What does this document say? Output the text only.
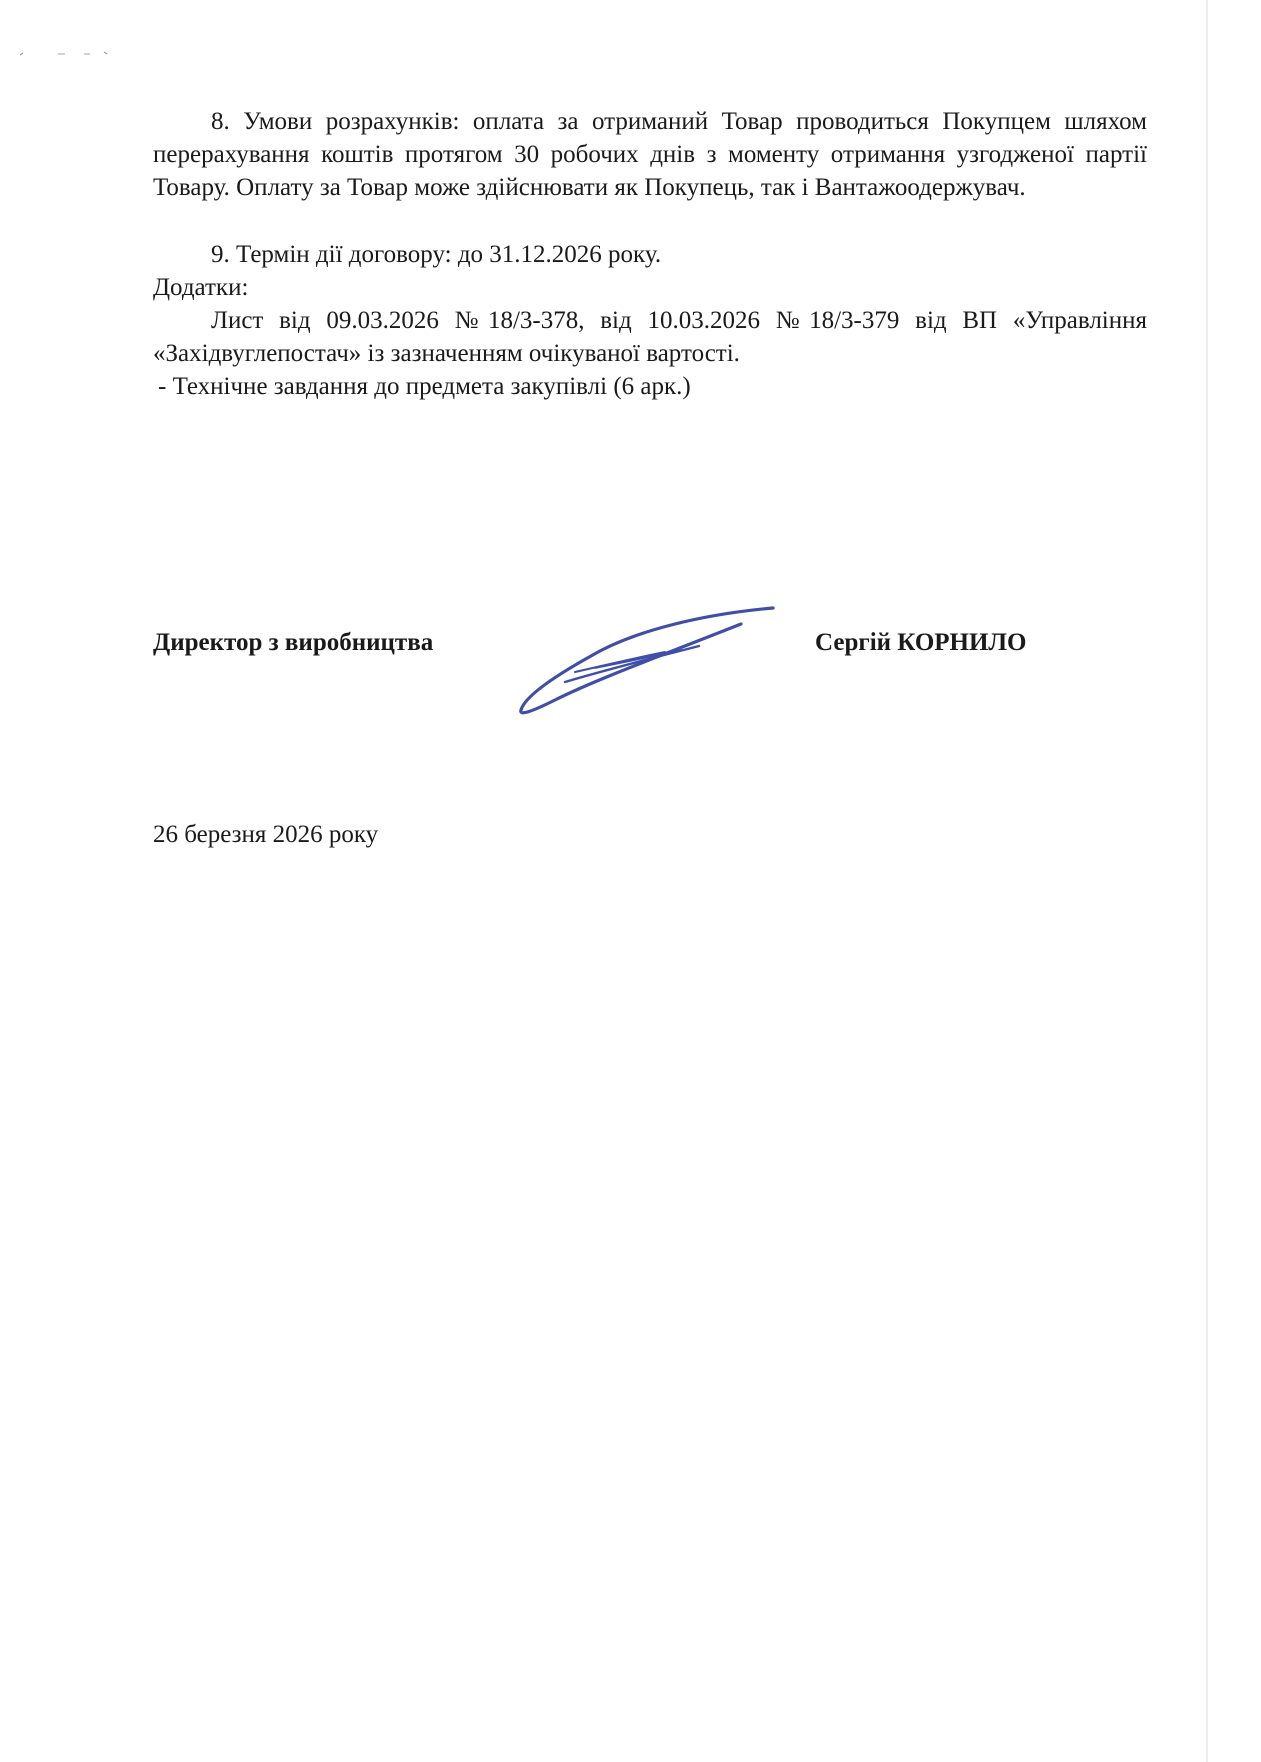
8. Умови розрахунків: оплата за отриманий Товар проводиться Покупцем шляхом перерахування коштів протягом 30 робочих днів з моменту отримання узгодженої партії Товару. Оплату за Товар може здійснювати як Покупець, так і Вантажоодержувач.

9. Термін дії договору: до 31.12.2026 року.

Додатки:

Лист від 09.03.2026 №18/3-378, від 10.03.2026 №18/3-379 від ВП «Управління «Західвуглепостач» із зазначенням очікуваної вартості.

- Технічне завдання до предмета закупівлі (6 арк.)

Директор з виробництва	Сергій КОРНИЛО
26 березня 2026 року
